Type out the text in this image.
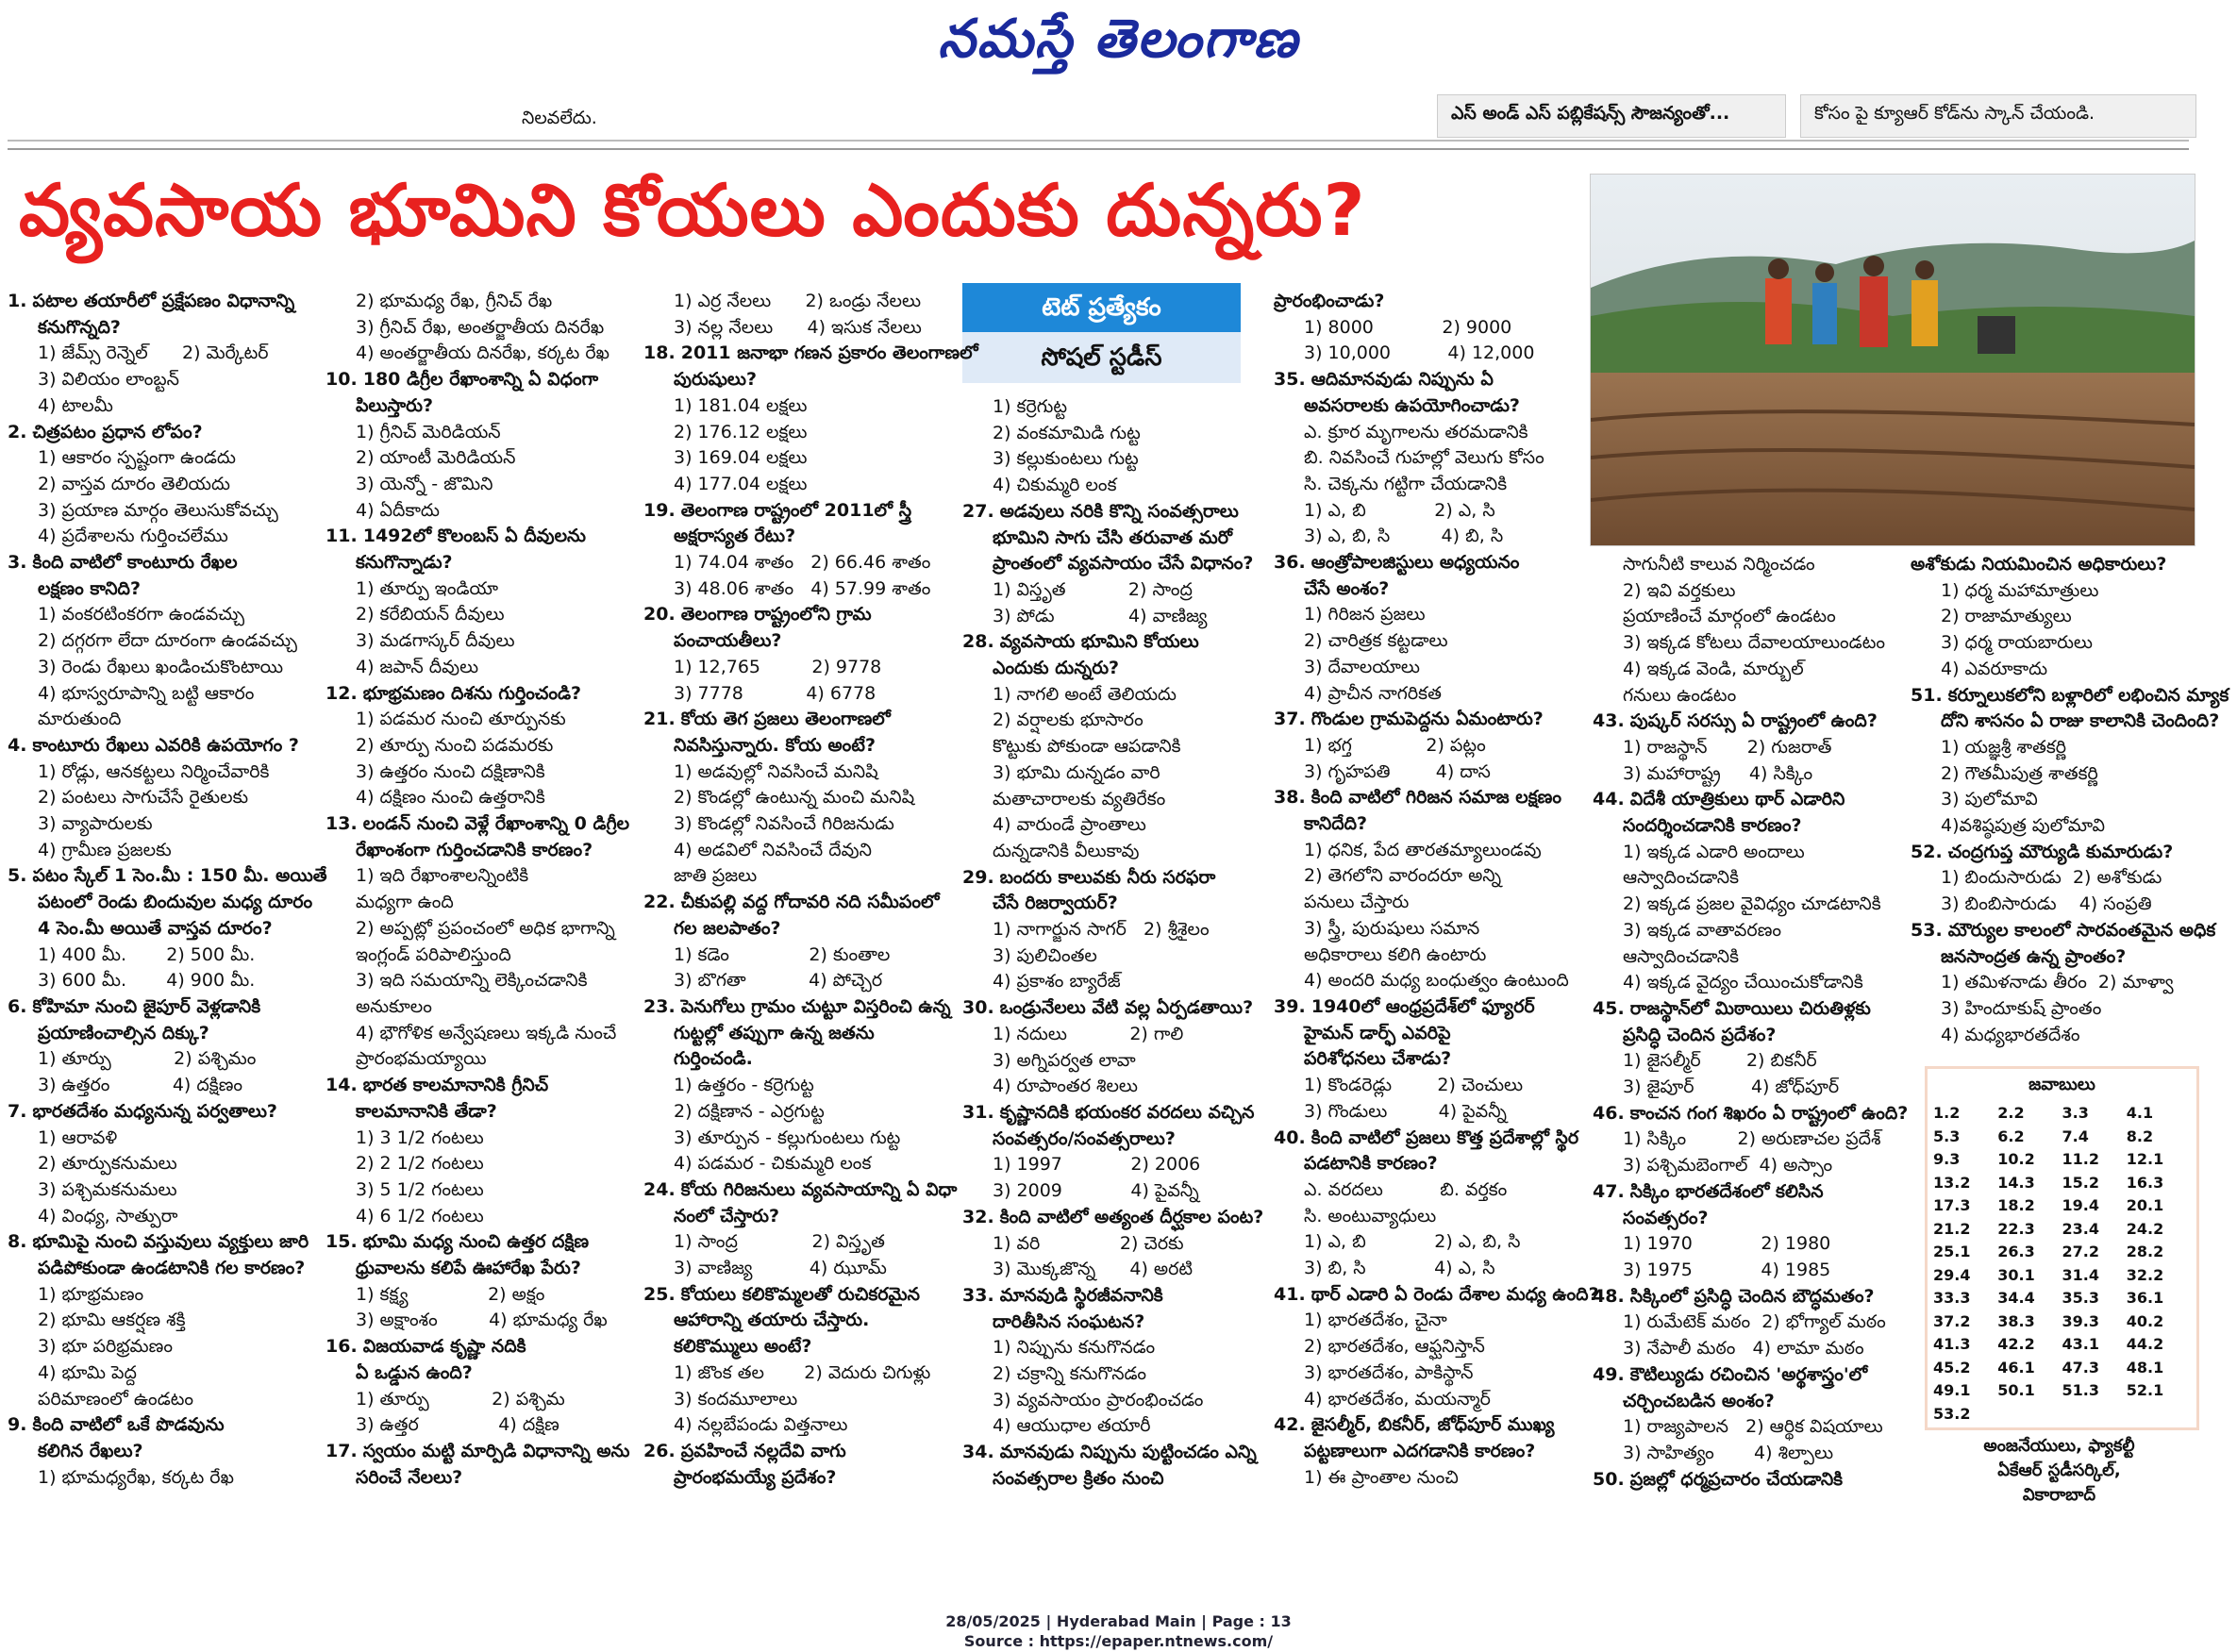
నమస్తే తెలంగాణ
నిలవలేదు.	ఎస్ అండ్ ఎస్ పబ్లికేషన్స్ సౌజన్యంతో...	కోసం పై క్యూఆర్ కోడ్‌ను స్కాన్ చేయండి.
వ్యవసాయ భూమిని కోయలు ఎందుకు దున్నరు?
టెట్ ప్రత్యేకం
సోషల్ స్టడీస్
1. పటాల తయారీలో ప్రక్షేపణం విధానాన్ని
కనుగొన్నది?
1) జేమ్స్ రెన్నెల్      2) మెర్కేటర్
3) విలియం లాంబ్టన్
4) టాలమీ
2. చిత్రపటం ప్రధాన లోపం?
1) ఆకారం స్పష్టంగా ఉండదు
2) వాస్తవ దూరం తెలియదు
3) ప్రయాణ మార్గం తెలుసుకోవచ్చు
4) ప్రదేశాలను గుర్తించలేము
3. కింది వాటిలో కాంటూరు రేఖల
లక్షణం కానిది?
1) వంకరటింకరగా ఉండవచ్చు
2) దగ్గరగా లేదా దూరంగా ఉండవచ్చు
3) రెండు రేఖలు ఖండించుకొంటాయి
4) భూస్వరూపాన్ని బట్టి ఆకారం
మారుతుంది
4. కాంటూరు రేఖలు ఎవరికి ఉపయోగం ?
1) రోడ్లు, ఆనకట్టలు నిర్మించేవారికి
2) పంటలు సాగుచేసే రైతులకు
3) వ్యాపారులకు
4) గ్రామీణ ప్రజలకు
5. పటం స్కేల్ 1 సెం.మీ : 150 మీ. అయితే
పటంలో రెండు బిందువుల మధ్య దూరం
4 సెం.మీ అయితే వాస్తవ దూరం?
1) 400 మీ.       2) 500 మీ.
3) 600 మీ.       4) 900 మీ.
6. కోహిమా నుంచి జైపూర్ వెళ్లడానికి
ప్రయాణించాల్సిన దిక్కు?
1) తూర్పు           2) పశ్చిమం
3) ఉత్తరం           4) దక్షిణం
7. భారతదేశం మధ్యనున్న పర్వతాలు?
1) ఆరావళి
2) తూర్పుకనుమలు
3) పశ్చిమకనుమలు
4) వింధ్య, సాత్పురా
8. భూమిపై నుంచి వస్తువులు వ్యక్తులు జారి
పడిపోకుండా ఉండటానికి గల కారణం?
1) భూభ్రమణం
2) భూమి ఆకర్షణ శక్తి
3) భూ పరిభ్రమణం
4) భూమి పెద్ద
పరిమాణంలో ఉండటం
9. కింది వాటిలో ఒకే పొడవును
కలిగిన రేఖలు?
1) భూమధ్యరేఖ, కర్కట రేఖ
2) భూమధ్య రేఖ, గ్రీనిచ్ రేఖ
3) గ్రీనిచ్ రేఖ, అంతర్జాతీయ దినరేఖ
4) అంతర్జాతీయ దినరేఖ, కర్కట రేఖ
10. 180 డిగ్రీల రేఖాంశాన్ని ఏ విధంగా
పిలుస్తారు?
1) గ్రీనిచ్ మెరిడియన్
2) యాంటీ మెరిడియన్
3) యెన్నో - జొమిని
4) ఏదీకాదు
11. 1492లో కొలంబస్ ఏ దీవులను
కనుగొన్నాడు?
1) తూర్పు ఇండియా
2) కరేబియన్ దీవులు
3) మడగాస్కర్ దీవులు
4) జపాన్ దీవులు
12. భూభ్రమణం దిశను గుర్తించండి?
1) పడమర నుంచి తూర్పునకు
2) తూర్పు నుంచి పడమరకు
3) ఉత్తరం నుంచి దక్షిణానికి
4) దక్షిణం నుంచి ఉత్తరానికి
13. లండన్ నుంచి వెళ్లే రేఖాంశాన్ని 0 డిగ్రీల
రేఖాంశంగా గుర్తించడానికి కారణం?
1) ఇది రేఖాంశాలన్నింటికి
మధ్యగా ఉంది
2) అప్పట్లో ప్రపంచంలో అధిక భాగాన్ని
ఇంగ్లండ్ పరిపాలిస్తుంది
3) ఇది సమయాన్ని లెక్కించడానికి
అనుకూలం
4) భౌగోళిక అన్వేషణలు ఇక్కడి నుంచే
ప్రారంభమయ్యాయి
14. భారత కాలమానానికి గ్రీనిచ్
కాలమానానికి తేడా?
1) 3 1/2 గంటలు
2) 2 1/2 గంటలు
3) 5 1/2 గంటలు
4) 6 1/2 గంటలు
15. భూమి మధ్య నుంచి ఉత్తర దక్షిణ
ధ్రువాలను కలిపే ఊహారేఖ పేరు?
1) కక్ష్య              2) అక్షం
3) అక్షాంశం         4) భూమధ్య రేఖ
16. విజయవాడ కృష్ణా నదికి
ఏ ఒడ్డున ఉంది?
1) తూర్పు           2) పశ్చిమ
3) ఉత్తర              4) దక్షిణ
17. స్వయం మట్టి మార్పిడి విధానాన్ని అను
సరించే నేలలు?
1) ఎర్ర నేలలు      2) ఒండ్రు నేలలు
3) నల్ల నేలలు      4) ఇసుక నేలలు
18. 2011 జనాభా గణన ప్రకారం తెలంగాణలో
పురుషులు?
1) 181.04 లక్షలు
2) 176.12 లక్షలు
3) 169.04 లక్షలు
4) 177.04 లక్షలు
19. తెలంగాణ రాష్ట్రంలో 2011లో స్త్రీ
అక్షరాస్యత రేటు?
1) 74.04 శాతం   2) 66.46 శాతం
3) 48.06 శాతం   4) 57.99 శాతం
20. తెలంగాణ రాష్ట్రంలోని గ్రామ
పంచాయతీలు?
1) 12,765         2) 9778
3) 7778           4) 6778
21. కోయ తెగ ప్రజలు తెలంగాణలో
నివసిస్తున్నారు. కోయ అంటే?
1) అడవుల్లో నివసించే మనిషి
2) కొండల్లో ఉంటున్న మంచి మనిషి
3) కొండల్లో నివసించే గిరిజనుడు
4) అడవిలో నివసించే దేవుని
జాతి ప్రజలు
22. చీకుపల్లి వద్ద గోదావరి నది సమీపంలో
గల జలపాతం?
1) కడెం              2) కుంతాల
3) బొగతా           4) పోచ్చెర
23. పెనుగోలు గ్రామం చుట్టూ విస్తరించి ఉన్న
గుట్టల్లో తప్పుగా ఉన్న జతను
గుర్తించండి.
1) ఉత్తరం - కర్రెగుట్ట
2) దక్షిణాన - ఎర్రగుట్ట
3) తూర్పున - కల్లుగుంటలు గుట్ట
4) పడమర - చికుమ్మరి లంక
24. కోయ గిరిజనులు వ్యవసాయాన్ని ఏ విధా
నంలో చేస్తారు?
1) సాంద్ర             2) విస్తృత
3) వాణిజ్య          4) ఝూమ్
25. కోయలు కలికొమ్మలతో రుచికరమైన
ఆహారాన్ని తయారు చేస్తారు.
కలికొమ్ములు అంటే?
1) జొంక తల       2) వెదురు చిగుళ్లు
3) కందమూలాలు
4) నల్లబేపండు విత్తనాలు
26. ప్రవహించే నల్లదేవి వాగు
ప్రారంభమయ్యే ప్రదేశం?
1) కర్రెగుట్ట
2) వంకమామిడి గుట్ట
3) కల్లుకుంటలు గుట్ట
4) చికుమ్మరి లంక
27. అడవులు నరికి కొన్ని సంవత్సరాలు
భూమిని సాగు చేసి తరువాత మరో
ప్రాంతంలో వ్యవసాయం చేసే విధానం?
1) విస్తృత           2) సాంద్ర
3) పోడు             4) వాణిజ్య
28. వ్యవసాయ భూమిని కోయలు
ఎందుకు దున్నరు?
1) నాగలి అంటే తెలియదు
2) వర్షాలకు భూసారం
కొట్టుకు పోకుండా ఆపడానికి
3) భూమి దున్నడం వారి
మతాచారాలకు వ్యతిరేకం
4) వారుండే ప్రాంతాలు
దున్నడానికి వీలుకావు
29. బందరు కాలువకు నీరు సరఫరా
చేసే రిజర్వాయర్?
1) నాగార్జున సాగర్   2) శ్రీశైలం
3) పులిచింతల
4) ప్రకాశం బ్యారేజ్
30. ఒండ్రునేలలు వేటి వల్ల ఏర్పడతాయి?
1) నదులు           2) గాలి
3) అగ్నిపర్వత లావా
4) రూపాంతర శిలలు
31. కృష్ణానదికి భయంకర వరదలు వచ్చిన
సంవత్సరం/సంవత్సరాలు?
1) 1997            2) 2006
3) 2009            4) పైవన్నీ
32. కింది వాటిలో అత్యంత దీర్ఘకాల పంట?
1) వరి              2) చెరకు
3) మొక్కజొన్న      4) అరటి
33. మానవుడి స్థిరజీవనానికి
దారితీసిన సంఘటన?
1) నిప్పును కనుగొనడం
2) చక్రాన్ని కనుగొనడం
3) వ్యవసాయం ప్రారంభించడం
4) ఆయుధాల తయారీ
34. మానవుడు నిప్పును పుట్టించడం ఎన్ని
సంవత్సరాల క్రితం నుంచి
ప్రారంభించాడు?
1) 8000            2) 9000
3) 10,000          4) 12,000
35. ఆదిమానవుడు నిప్పును ఏ
అవసరాలకు ఉపయోగించాడు?
ఎ. క్రూర మృగాలను తరమడానికి
బి. నివసించే గుహల్లో వెలుగు కోసం
సి. చెక్కను గట్టిగా చేయడానికి
1) ఎ, బి            2) ఎ, సి
3) ఎ, బి, సి         4) బి, సి
36. ఆంత్రోపాలజిస్టులు అధ్యయనం
చేసే అంశం?
1) గిరిజన ప్రజలు
2) చారిత్రక కట్టడాలు
3) దేవాలయాలు
4) ప్రాచీన నాగరికత
37. గొండుల గ్రామపెద్దను ఏమంటారు?
1) భగ్త             2) పట్లం
3) గృహపతి        4) దాస
38. కింది వాటిలో గిరిజన సమాజ లక్షణం
కానిదేది?
1) ధనిక, పేద తారతమ్యాలుండవు
2) తెగలోని వారందరూ అన్ని
పనులు చేస్తారు
3) స్త్రీ, పురుషులు సమాన
అధికారాలు కలిగి ఉంటారు
4) అందరి మధ్య బంధుత్వం ఉంటుంది
39. 1940లో ఆంధ్రప్రదేశ్‌లో ఫ్యూరర్
హైమన్ డార్ఫ్ ఎవరిపై
పరిశోధనలు చేశాడు?
1) కొండరెడ్లు        2) చెంచులు
3) గొండులు         4) పైవన్నీ
40. కింది వాటిలో ప్రజలు కొత్త ప్రదేశాల్లో స్థిర
పడటానికి కారణం?
ఎ. వరదలు          బి. వర్తకం
సి. అంటువ్యాధులు
1) ఎ, బి            2) ఎ, బి, సి
3) బి, సి            4) ఎ, సి
41. థార్ ఎడారి ఏ రెండు దేశాల మధ్య ఉంది?
1) భారతదేశం, చైనా
2) భారతదేశం, ఆఫ్ఘనిస్తాన్
3) భారతదేశం, పాకిస్థాన్
4) భారతదేశం, మయన్మార్
42. జైసల్మీర్, బికనీర్, జోధ్‌పూర్ ముఖ్య
పట్టణాలుగా ఎదగడానికి కారణం?
1) ఈ ప్రాంతాల నుంచి
సాగునీటి కాలువ నిర్మించడం
2) ఇవి వర్తకులు
ప్రయాణించే మార్గంలో ఉండటం
3) ఇక్కడ కోటలు దేవాలయాలుండటం
4) ఇక్కడ వెండి, మార్బుల్
గనులు ఉండటం
43. పుష్కర్ సరస్సు ఏ రాష్ట్రంలో ఉంది?
1) రాజస్థాన్       2) గుజరాత్
3) మహారాష్ట్ర     4) సిక్కిం
44. విదేశీ యాత్రికులు థార్ ఎడారిని
సందర్శించడానికి కారణం?
1) ఇక్కడ ఎడారి అందాలు
ఆస్వాదించడానికి
2) ఇక్కడ ప్రజల వైవిధ్యం చూడటానికి
3) ఇక్కడ వాతావరణం
ఆస్వాదించడానికి
4) ఇక్కడ వైద్యం చేయించుకోడానికి
45. రాజస్థాన్‌లో మిఠాయిలు చిరుతిళ్లకు
ప్రసిద్ధి చెందిన ప్రదేశం?
1) జైసల్మీర్        2) బికనీర్
3) జైపూర్          4) జోధ్‌పూర్
46. కాంచన గంగ శిఖరం ఏ రాష్ట్రంలో ఉంది?
1) సిక్కిం         2) అరుణాచల ప్రదేశ్
3) పశ్చిమబెంగాల్  4) అస్సాం
47. సిక్కిం భారతదేశంలో కలిసిన
సంవత్సరం?
1) 1970            2) 1980
3) 1975            4) 1985
48. సిక్కింలో ప్రసిద్ధి చెందిన బౌద్ధమతం?
1) రుమేటెక్ మఠం  2) భోగ్యాల్ మఠం
3) నేపాలీ మఠం   4) లామా మఠం
49. కౌటిల్యుడు రచించిన 'అర్థశాస్త్రం'లో
చర్చించబడిన అంశం?
1) రాజ్యపాలన   2) ఆర్థిక విషయాలు
3) సాహిత్యం       4) శిల్పాలు
50. ప్రజల్లో ధర్మప్రచారం చేయడానికి
అశోకుడు నియమించిన అధికారులు?
1) ధర్మ మహామాత్రులు
2) రాజామాత్యులు
3) ధర్మ రాయబారులు
4) ఎవరూకాదు
51. కర్నూలుకలోని బళ్లారిలో లభించిన మ్యాక
దోని శాసనం ఏ రాజు కాలానికి చెందింది?
1) యజ్ఞశ్రీ శాతకర్ణి
2) గౌతమీపుత్ర శాతకర్ణి
3) పులోమావి
4)వశిష్ఠపుత్ర పులోమావి
52. చంద్రగుప్త మౌర్యుడి కుమారుడు?
1) బిందుసారుడు  2) అశోకుడు
3) బింబిసారుడు    4) సంప్రతి
53. మౌర్యుల కాలంలో సారవంతమైన అధిక
జనసాంద్రత ఉన్న ప్రాంతం?
1) తమిళనాడు తీరం  2) మాళ్వా
3) హిందూకుష్ ప్రాంతం
4) మధ్యభారతదేశం
జవాబులు
1.2	2.2	3.3	4.1
5.3	6.2	7.4	8.2
9.3	10.2	11.2	12.1
13.2	14.3	15.2	16.3
17.3	18.2	19.4	20.1
21.2	22.3	23.4	24.2
25.1	26.3	27.2	28.2
29.4	30.1	31.4	32.2
33.3	34.4	35.3	36.1
37.2	38.3	39.3	40.2
41.3	42.2	43.1	44.2
45.2	46.1	47.3	48.1
49.1	50.1	51.3	52.1
53.2
అంజనేయులు, ఫ్యాకల్టీ
ఏకేఆర్ స్టడీసర్కిల్,
వికారాబాద్
28/05/2025 | Hyderabad Main | Page : 13
Source : https://epaper.ntnews.com/
